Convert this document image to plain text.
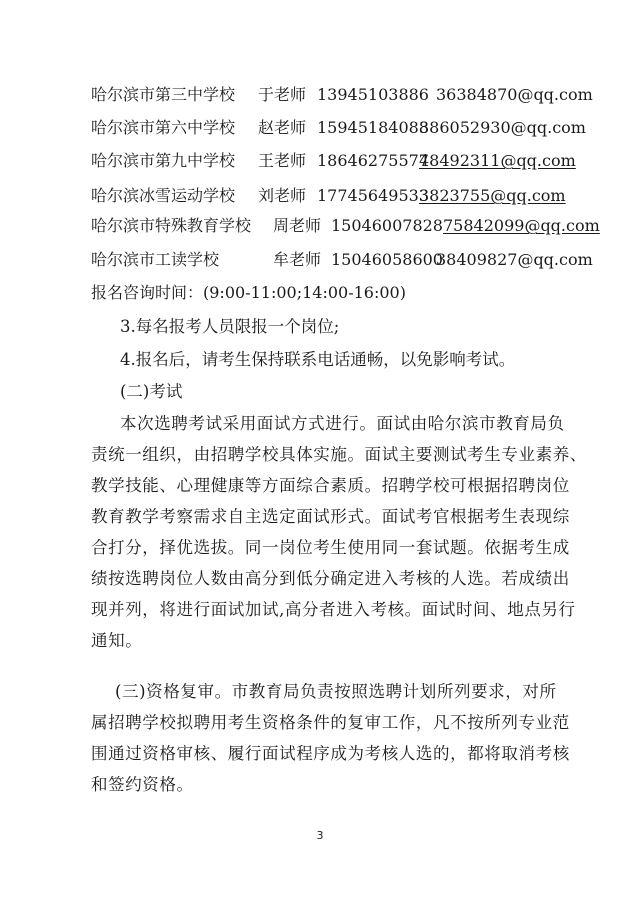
哈尔滨市第三中学校 于老师 13945103886 36384870@qq.com
哈尔滨市第六中学校 赵老师 15945184088
386052930@qq.com
哈尔滨市第九中学校 王老师 18646275577
48492311@qq.com
哈尔滨冰雪运动学校 刘老师 17745649533
3823755@qq.com
哈尔滨市特殊教育学校 周老师 15046007828 75842099@qq.com
哈尔滨市工读学校	牟老师 15046058600
38409827@qq.com
报名咨询时间：(9:00-11:00;14:00-16:00)
3.每名报考人员限报一个岗位;
4.报名后，请考生保持联系电话通畅，以免影响考试。
(二)考试
本次选聘考试采用面试方式进行。面试由哈尔滨市教育局负
责统一组织，由招聘学校具体实施。面试主要测试考生专业素养、
教学技能、心理健康等方面综合素质。招聘学校可根据招聘岗位
教育教学考察需求自主选定面试形式。面试考官根据考生表现综
合打分，择优选拔。同一岗位考生使用同一套试题。依据考生成
绩按选聘岗位人数由高分到低分确定进入考核的人选。若成绩出
现并列，将进行面试加试,高分者进入考核。面试时间、地点另行
通知。
(三)资格复审。市教育局负责按照选聘计划所列要求，对所
属招聘学校拟聘用考生资格条件的复审工作，凡不按所列专业范
围通过资格审核、履行面试程序成为考核人选的，都将取消考核
和签约资格。
3
